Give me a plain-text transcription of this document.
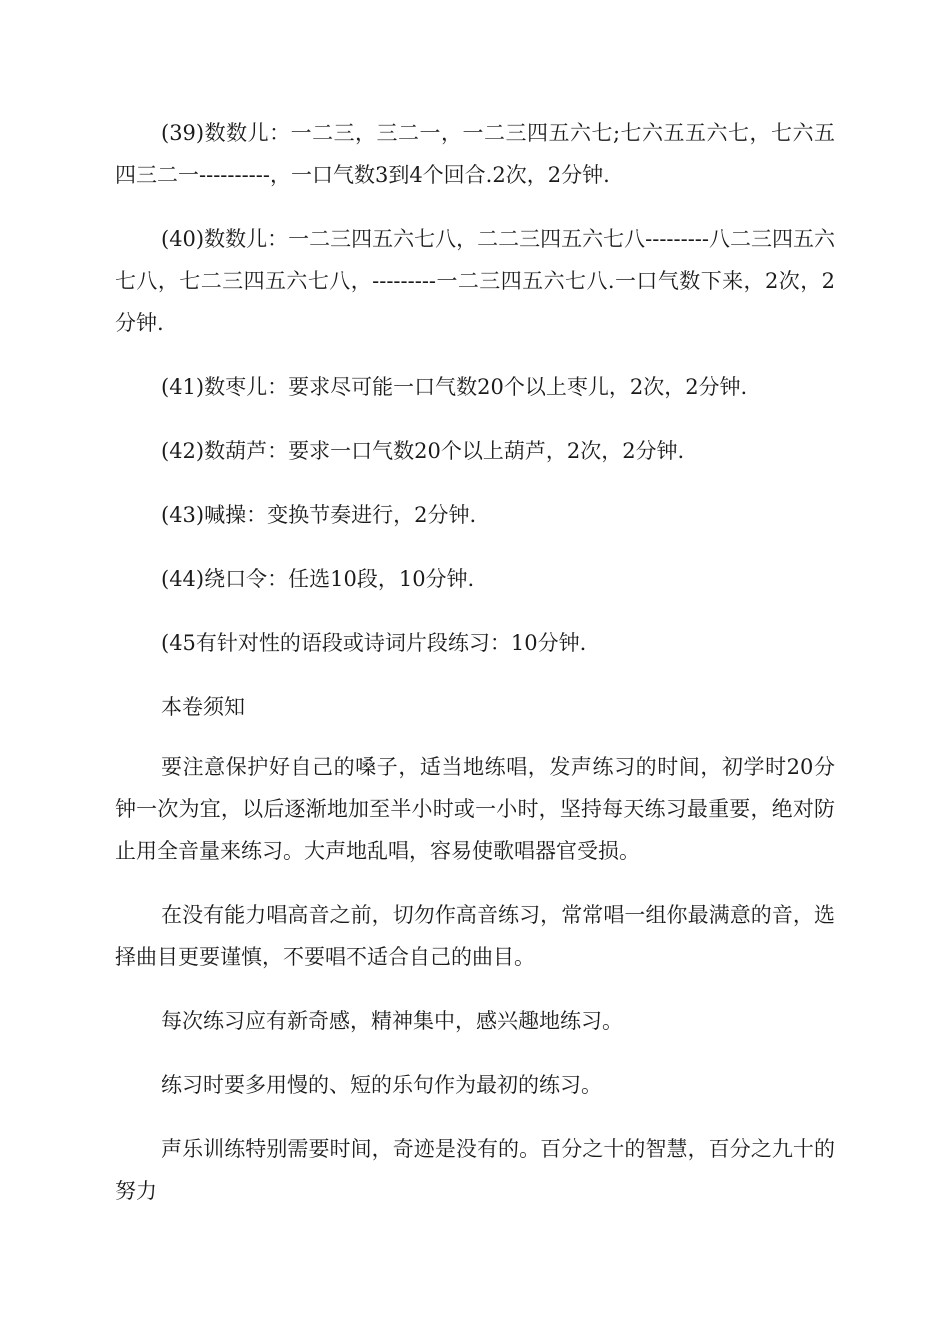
(39)数数儿：一二三，三二一，一二三四五六七;七六五五六七，七六五四三二一----------，一口气数3到4个回合.2次，2分钟.

(40)数数儿：一二三四五六七八，二二三四五六七八---------八二三四五六七八，七二三四五六七八，---------一二三四五六七八.一口气数下来，2次，2分钟.

(41)数枣儿：要求尽可能一口气数20个以上枣儿，2次，2分钟.

(42)数葫芦：要求一口气数20个以上葫芦，2次，2分钟.

(43)喊操：变换节奏进行，2分钟.

(44)绕口令：任选10段，10分钟.

(45有针对性的语段或诗词片段练习：10分钟.

本卷须知

要注意保护好自己的嗓子，适当地练唱，发声练习的时间，初学时20分钟一次为宜，以后逐渐地加至半小时或一小时，坚持每天练习最重要，绝对防止用全音量来练习。大声地乱唱，容易使歌唱器官受损。

在没有能力唱高音之前，切勿作高音练习，常常唱一组你最满意的音，选择曲目更要谨慎，不要唱不适合自己的曲目。

每次练习应有新奇感，精神集中，感兴趣地练习。

练习时要多用慢的、短的乐句作为最初的练习。

声乐训练特别需要时间，奇迹是没有的。百分之十的智慧，百分之九十的努力
